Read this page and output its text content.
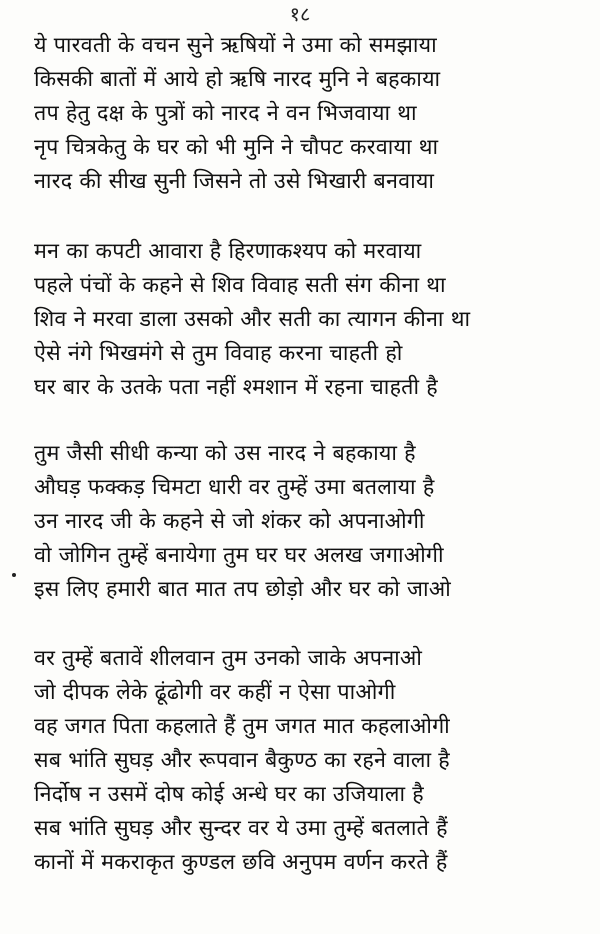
१८
ये पारवती के वचन सुने ऋषियों ने उमा को समझाया
किसकी बातों में आये हो ऋषि नारद मुनि ने बहकाया
तप हेतु दक्ष के पुत्रों को नारद ने वन भिजवाया था
नृप चित्रकेतु के घर को भी मुनि ने चौपट करवाया था
नारद की सीख सुनी जिसने तो उसे भिखारी बनवाया
मन का कपटी आवारा है हिरणाकश्यप को मरवाया
पहले पंचों के कहने से शिव विवाह सती संग कीना था
शिव ने मरवा डाला उसको और सती का त्यागन कीना था
ऐसे नंगे भिखमंगे से तुम विवाह करना चाहती हो
घर बार के उतके पता नहीं श्मशान में रहना चाहती है
तुम जैसी सीधी कन्या को उस नारद ने बहकाया है
औघड़ फक्कड़ चिमटा धारी वर तुम्हें उमा बतलाया है
उन नारद जी के कहने से जो शंकर को अपनाओगी
वो जोगिन तुम्हें बनायेगा तुम घर घर अलख जगाओगी
इस लिए हमारी बात मात तप छोड़ो और घर को जाओ
वर तुम्हें बतावें शीलवान तुम उनको जाके अपनाओ
जो दीपक लेके ढूंढोगी वर कहीं न ऐसा पाओगी
वह जगत पिता कहलाते हैं तुम जगत मात कहलाओगी
सब भांति सुघड़ और रूपवान बैकुण्ठ का रहने वाला है
निर्दोष न उसमें दोष कोई अन्धे घर का उजियाला है
सब भांति सुघड़ और सुन्दर वर ये उमा तुम्हें बतलाते हैं
कानों में मकराकृत कुण्डल छवि अनुपम वर्णन करते हैं
